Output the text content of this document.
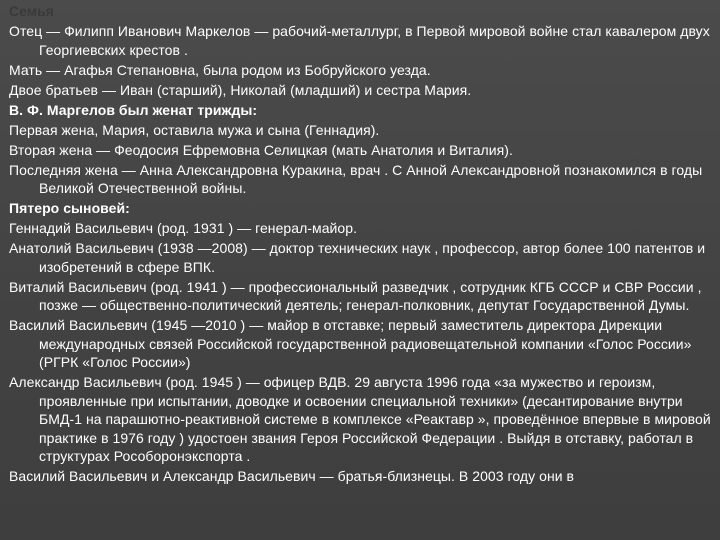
Семья
Отец — Филипп Иванович Маркелов — рабочий-металлург, в Первой мировой войне стал кавалером двух Георгиевских крестов .
Мать — Агафья Степановна, была родом из Бобруйского уезда.
Двое братьев — Иван (старший), Николай (младший) и сестра Мария.
В. Ф. Маргелов был женат трижды:
Первая жена, Мария, оставила мужа и сына (Геннадия).
Вторая жена — Феодосия Ефремовна Селицкая (мать Анатолия и Виталия).
Последняя жена — Анна Александровна Куракина, врач . С Анной Александровной познакомился в годы Великой Отечественной войны.
Пятеро сыновей:
Геннадий Васильевич (род. 1931 ) — генерал-майор.
Анатолий Васильевич (1938 —2008) — доктор технических наук , профессор, автор более 100 патентов и изобретений в сфере ВПК.
Виталий Васильевич (род. 1941 ) — профессиональный разведчик , сотрудник КГБ СССР и СВР России , позже — общественно-политический деятель; генерал-полковник, депутат Государственной Думы.
Василий Васильевич (1945 —2010 ) — майор в отставке; первый заместитель директора Дирекции международных связей Российской государственной радиовещательной компании «Голос России» (РГРК «Голос России»)
Александр Васильевич (род. 1945 ) — офицер ВДВ. 29 августа 1996 года «за мужество и героизм, проявленные при испытании, доводке и освоении специальной техники» (десантирование внутри БМД-1 на парашютно-реактивной системе в комплексе «Реактавр », проведённое впервые в мировой практике в 1976 году ) удостоен звания Героя Российской Федерации . Выйдя в отставку, работал в структурах Рособоронэкспорта .
Василий Васильевич и Александр Васильевич — братья-близнецы. В 2003 году они в
